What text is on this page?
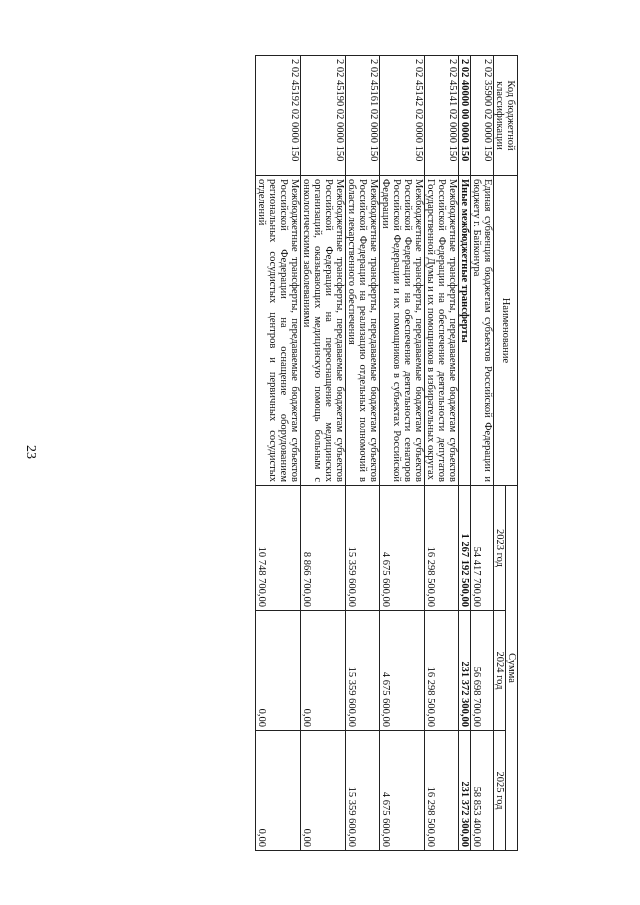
23
Код бюджетной классификации	Наименование	Сумма		
		2023 год	2024 год	2025 год
2 02 35900 02 0000 150	Единая субвенция бюджетам субъектов Российской Федерации и бюджету г. Байконура	54 417 700,00	56 698 700,00	58 853 400,00
2 02 40000 00 0000 150	Иные межбюджетные трансферты	1 267 192 500,00	231 372 300,00	231 372 300,00
2 02 45141 02 0000 150	Межбюджетные трансферты, передаваемые бюджетам субъектов Российской Федерации на обеспечение деятельности депутатов Государственной Думы и их помощников в избирательных округах	16 298 500,00	16 298 500,00	16 298 500,00
2 02 45142 02 0000 150	Межбюджетные трансферты, передаваемые бюджетам субъектов Российской Федерации на обеспечение деятельности сенаторов Российской Федерации и их помощников в субъектах Российской Федерации	4 675 600,00	4 675 600,00	4 675 600,00
2 02 45161 02 0000 150	Межбюджетные трансферты, передаваемые бюджетам субъектов Российской Федерации на реализацию отдельных полномочий в области лекарственного обеспечения	15 359 600,00	15 359 600,00	15 359 600,00
2 02 45190 02 0000 150	Межбюджетные трансферты, передаваемые бюджетам субъектов Российской Федерации на переоснащение медицинских организаций, оказывающих медицинскую помощь больным с онкологическими заболеваниями	8 866 700,00	0,00	0,00
2 02 45192 02 0000 150	Межбюджетные трансферты, передаваемые бюджетам субъектов Российской Федерации на оснащение оборудованием региональных сосудистых центров и первичных сосудистых отделений	10 748 700,00	0,00	0,00
